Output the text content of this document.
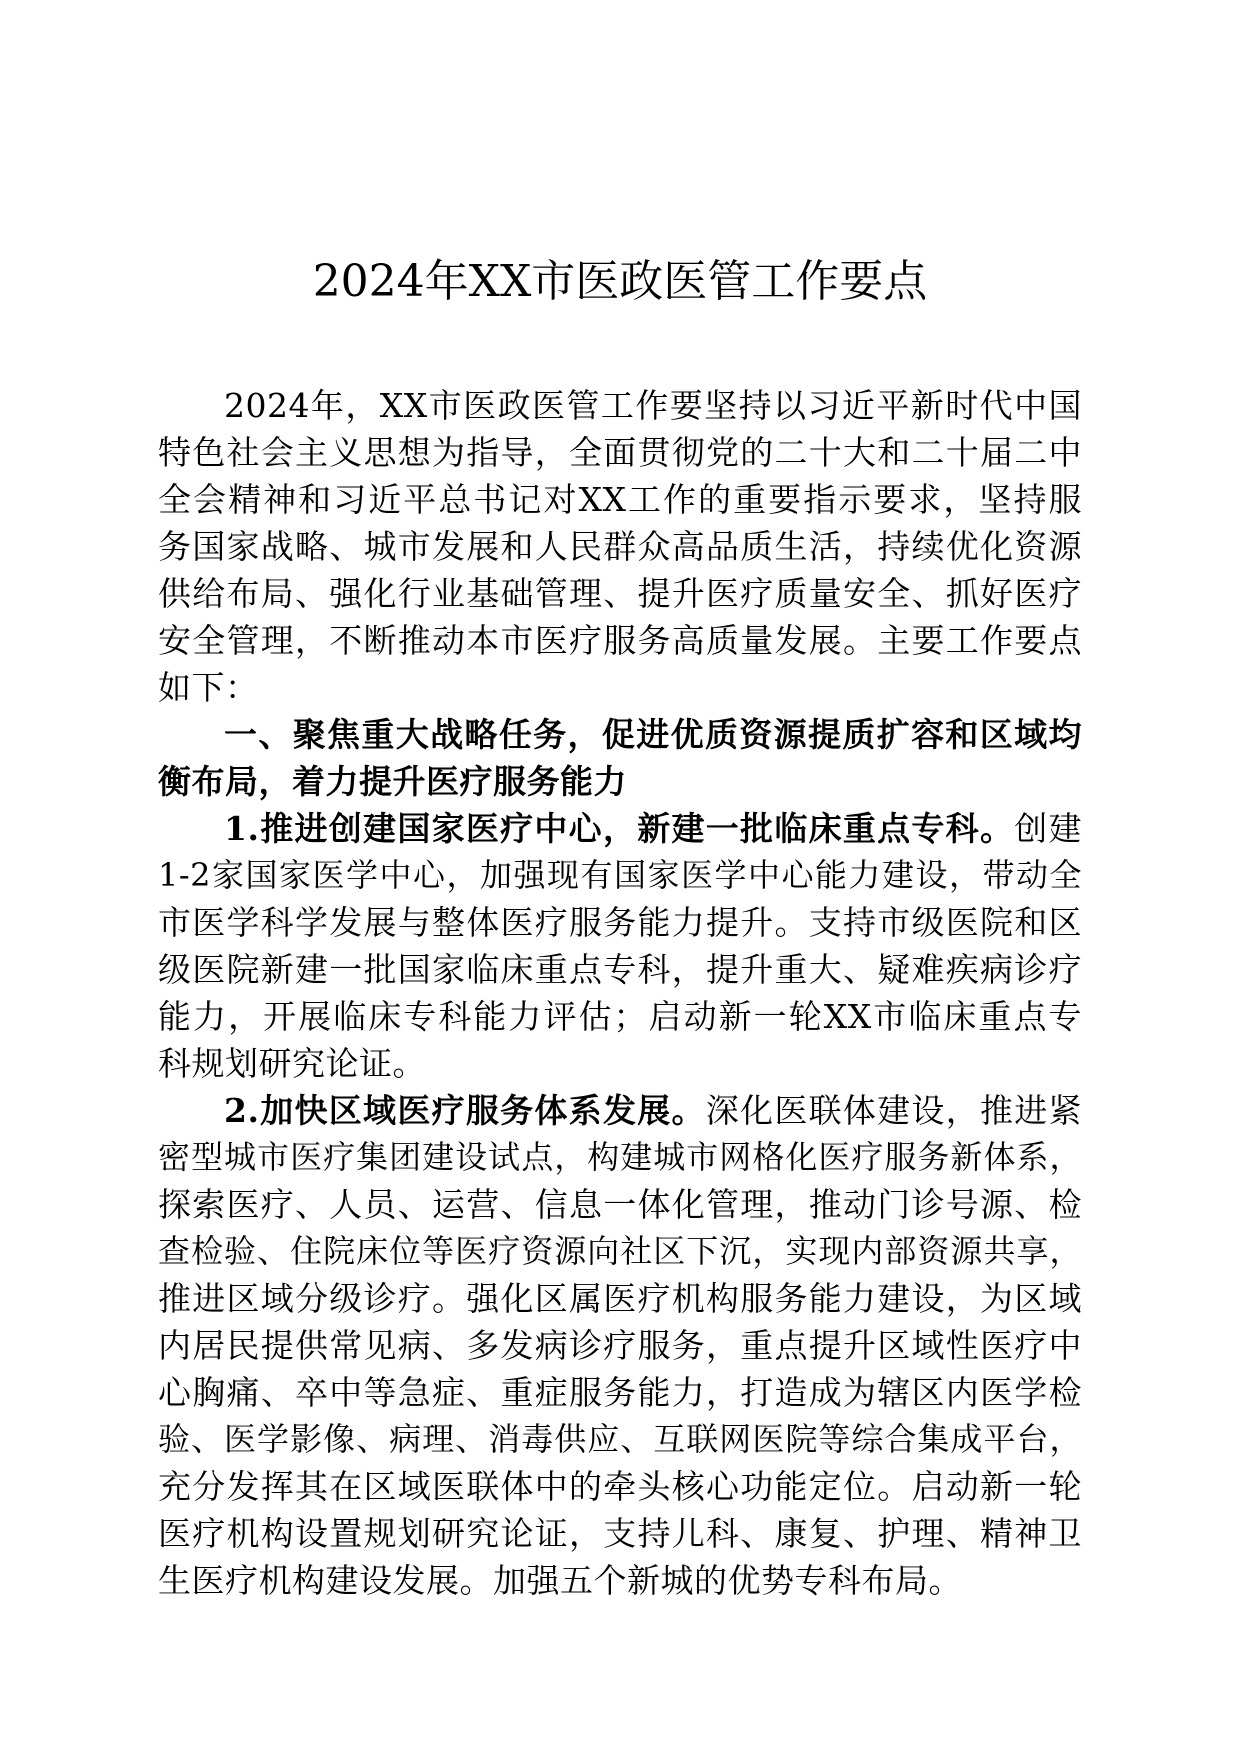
2024年XX市医政医管工作要点
2024年，XX市医政医管工作要坚持以习近平新时代中国
特色社会主义思想为指导，全面贯彻党的二十大和二十届二中
全会精神和习近平总书记对XX工作的重要指示要求，坚持服
务国家战略、城市发展和人民群众高品质生活，持续优化资源
供给布局、强化行业基础管理、提升医疗质量安全、抓好医疗
安全管理，不断推动本市医疗服务高质量发展。主要工作要点
如下：
一、聚焦重大战略任务，促进优质资源提质扩容和区域均
衡布局，着力提升医疗服务能力
1.推进创建国家医疗中心，新建一批临床重点专科。创建
1-2家国家医学中心，加强现有国家医学中心能力建设，带动全
市医学科学发展与整体医疗服务能力提升。支持市级医院和区
级医院新建一批国家临床重点专科，提升重大、疑难疾病诊疗
能力，开展临床专科能力评估；启动新一轮XX市临床重点专
科规划研究论证。
2.加快区域医疗服务体系发展。深化医联体建设，推进紧
密型城市医疗集团建设试点，构建城市网格化医疗服务新体系，
探索医疗、人员、运营、信息一体化管理，推动门诊号源、检
查检验、住院床位等医疗资源向社区下沉，实现内部资源共享，
推进区域分级诊疗。强化区属医疗机构服务能力建设，为区域
内居民提供常见病、多发病诊疗服务，重点提升区域性医疗中
心胸痛、卒中等急症、重症服务能力，打造成为辖区内医学检
验、医学影像、病理、消毒供应、互联网医院等综合集成平台，
充分发挥其在区域医联体中的牵头核心功能定位。启动新一轮
医疗机构设置规划研究论证，支持儿科、康复、护理、精神卫
生医疗机构建设发展。加强五个新城的优势专科布局。
